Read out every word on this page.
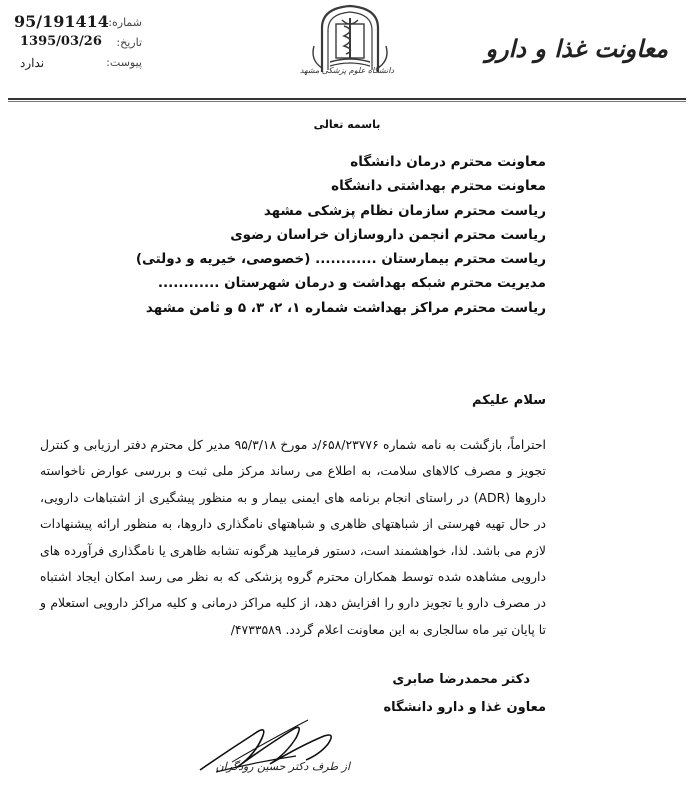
95/191414
1395/03/26
ندارد
شماره:
تاریخ:
پیوست:
دانشگاه علوم پزشکی مشهد
معاونت غذا و دارو
باسمه تعالی
معاونت محترم درمان دانشگاه
معاونت محترم بهداشتی دانشگاه
ریاست محترم سازمان نظام پزشکی مشهد
ریاست محترم انجمن داروسازان خراسان رضوی
ریاست محترم بیمارستان ............ (خصوصی، خیریه و دولتی)
مدیریت محترم شبکه بهداشت و درمان شهرستان ............
ریاست محترم مراکز بهداشت شماره ۱، ۲، ۳، ۵ و ثامن مشهد
سلام علیکم
احتراماً، بازگشت به نامه شماره ۶۵۸/۲۳۷۷۶/د مورخ ۹۵/۳/۱۸ مدیر کل محترم دفتر ارزیابی و کنترل تجویز و مصرف کالاهای سلامت، به اطلاع می رساند مرکز ملی ثبت و بررسی عوارض ناخواسته داروها (ADR) در راستای انجام برنامه های ایمنی بیمار و به منظور پیشگیری از اشتباهات دارویی، در حال تهیه فهرستی از شباهتهای ظاهری و شباهتهای نامگذاری داروها، به منظور ارائه پیشنهادات لازم می باشد. لذا، خواهشمند است، دستور فرمایید هرگونه تشابه ظاهری یا نامگذاری فرآورده های دارویی مشاهده شده توسط همکاران محترم گروه پزشکی که به نظر می رسد امکان ایجاد اشتباه در مصرف دارو یا تجویز دارو را افزایش دهد، از کلیه مراکز درمانی و کلیه مراکز دارویی استعلام و تا پایان تیر ماه سالجاری به این معاونت اعلام گردد. ۴۷۳۳۵۸۹/
دکتر محمدرضا صابری
معاون غذا و دارو دانشگاه
از طرف دکتر حسین رودگران
